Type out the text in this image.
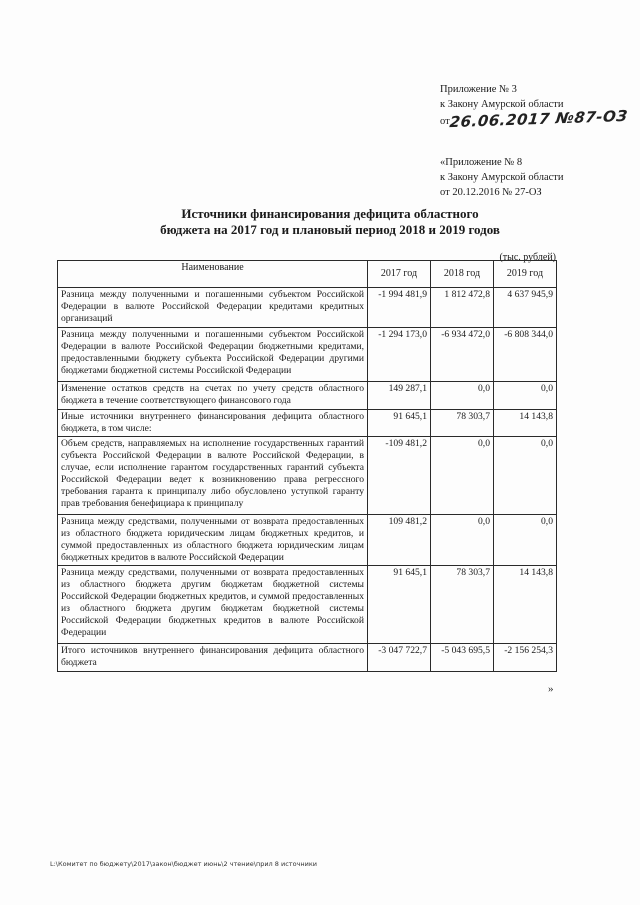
Приложение № 3
к Закону Амурской области
от26.06.2017 №87-ОЗ
«Приложение № 8
к Закону Амурской области
от 20.12.2016 № 27-ОЗ
Источники финансирования дефицита областного
бюджета на 2017 год и плановый период 2018 и 2019 годов
(тыс. рублей)
Наименование	2017 год	2018 год	2019 год
Разница между полученными и погашенными субъектом Российской Федерации в валюте Российской Федерации кредитами кредитных организаций	-1 994 481,9	1 812 472,8	4 637 945,9
Разница между полученными и погашенными субъектом Российской Федерации в валюте Российской Федерации бюджетными кредитами, предоставленными бюджету субъекта Российской Федерации другими бюджетами бюджетной системы Российской Федерации	-1 294 173,0	-6 934 472,0	-6 808 344,0
Изменение остатков средств на счетах по учету средств областного бюджета в течение соответствующего финансового года	149 287,1	0,0	0,0
Иные источники внутреннего финансирования дефицита областного бюджета, в том числе:	91 645,1	78 303,7	14 143,8
Объем средств, направляемых на исполнение государственных гарантий субъекта Российской Федерации в валюте Российской Федерации, в случае, если исполнение гарантом государственных гарантий субъекта Российской Федерации ведет к возникновению права регрессного требования гаранта к принципалу либо обусловлено уступкой гаранту прав требования бенефициара к принципалу	-109 481,2	0,0	0,0
Разница между средствами, полученными от возврата предоставленных из областного бюджета юридическим лицам бюджетных кредитов, и суммой предоставленных из областного бюджета юридическим лицам бюджетных кредитов в валюте Российской Федерации	109 481,2	0,0	0,0
Разница между средствами, полученными от возврата предоставленных из областного бюджета другим бюджетам бюджетной системы Российской Федерации бюджетных кредитов, и суммой предоставленных из областного бюджета другим бюджетам бюджетной системы Российской Федерации бюджетных кредитов в валюте Российской Федерации	91 645,1	78 303,7	14 143,8
Итого источников внутреннего финансирования дефицита областного бюджета	-3 047 722,7	-5 043 695,5	-2 156 254,3
»
L:\Комитет по бюджету\2017\закон\бюджет июнь\2 чтение\прил 8 источники
